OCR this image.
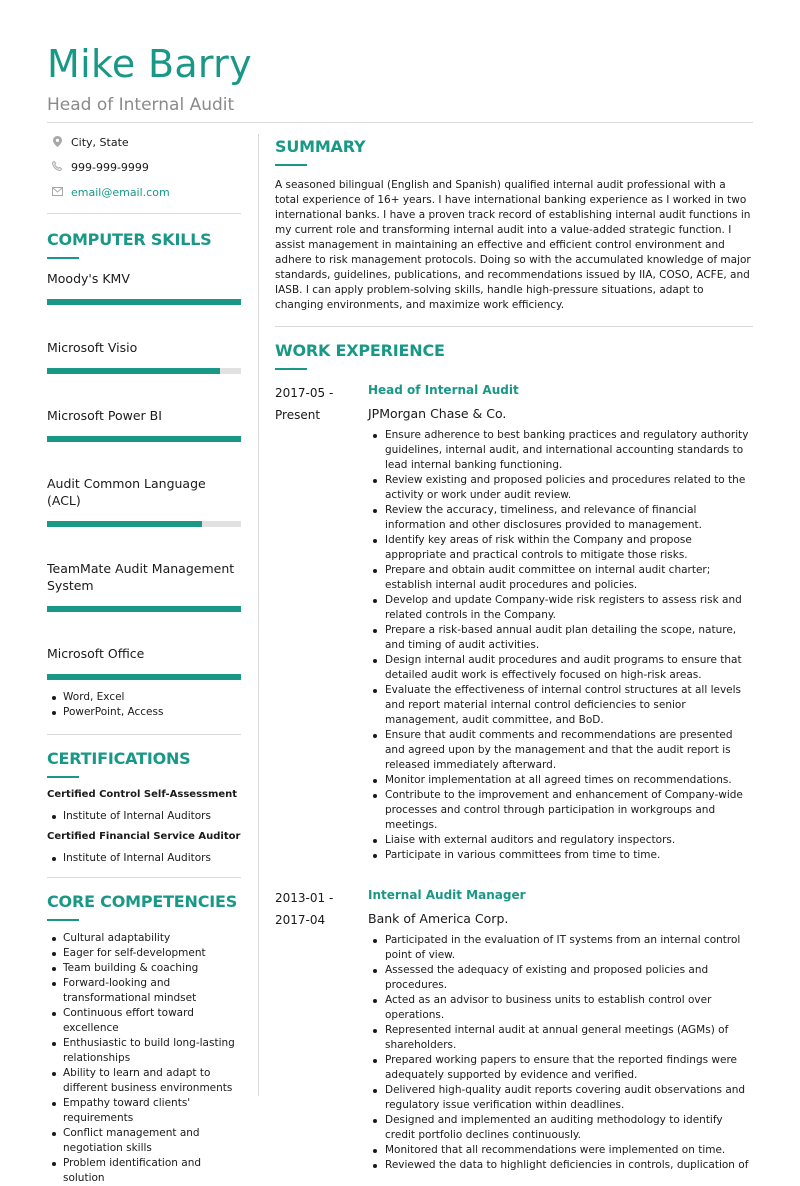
Mike Barry
Head of Internal Audit
City, State
999-999-9999
email@email.com
COMPUTER SKILLS
Moody's KMV
Microsoft Visio
Microsoft Power BI
Audit Common Language (ACL)
TeamMate Audit Management System
Microsoft Office
Word, Excel
PowerPoint, Access
CERTIFICATIONS
Certified Control Self-Assessment
Institute of Internal Auditors
Certified Financial Service Auditor
Institute of Internal Auditors
CORE COMPETENCIES
Cultural adaptability
Eager for self-development
Team building & coaching
Forward-looking and transformational mindset
Continuous effort toward excellence
Enthusiastic to build long-lasting relationships
Ability to learn and adapt to different business environments
Empathy toward clients' requirements
Conflict management and negotiation skills
Problem identification and solution
SUMMARY

A seasoned bilingual (English and Spanish) qualified internal audit professional with a total experience of 16+ years. I have international banking experience as I worked in two international banks. I have a proven track record of establishing internal audit functions in my current role and transforming internal audit into a value-added strategic function. I assist management in maintaining an effective and efficient control environment and adhere to risk management protocols. Doing so with the accumulated knowledge of major standards, guidelines, publications, and recommendations issued by IIA, COSO, ACFE, and IASB. I can apply problem-solving skills, handle high-pressure situations, adapt to changing environments, and maximize work efficiency.

WORK EXPERIENCE
2017-05 - Present
Head of Internal Audit
JPMorgan Chase & Co.
Ensure adherence to best banking practices and regulatory authority guidelines, internal audit, and international accounting standards to lead internal banking functioning.
Review existing and proposed policies and procedures related to the activity or work under audit review.
Review the accuracy, timeliness, and relevance of financial information and other disclosures provided to management.
Identify key areas of risk within the Company and propose appropriate and practical controls to mitigate those risks.
Prepare and obtain audit committee on internal audit charter; establish internal audit procedures and policies.
Develop and update Company-wide risk registers to assess risk and related controls in the Company.
Prepare a risk-based annual audit plan detailing the scope, nature, and timing of audit activities.
Design internal audit procedures and audit programs to ensure that detailed audit work is effectively focused on high-risk areas.
Evaluate the effectiveness of internal control structures at all levels and report material internal control deficiencies to senior management, audit committee, and BoD.
Ensure that audit comments and recommendations are presented and agreed upon by the management and that the audit report is released immediately afterward.
Monitor implementation at all agreed times on recommendations.
Contribute to the improvement and enhancement of Company-wide processes and control through participation in workgroups and meetings.
Liaise with external auditors and regulatory inspectors.
Participate in various committees from time to time.
2013-01 - 2017-04
Internal Audit Manager
Bank of America Corp.
Participated in the evaluation of IT systems from an internal control point of view.
Assessed the adequacy of existing and proposed policies and procedures.
Acted as an advisor to business units to establish control over operations.
Represented internal audit at annual general meetings (AGMs) of shareholders.
Prepared working papers to ensure that the reported findings were adequately supported by evidence and verified.
Delivered high-quality audit reports covering audit observations and regulatory issue verification within deadlines.
Designed and implemented an auditing methodology to identify credit portfolio declines continuously.
Monitored that all recommendations were implemented on time.
Reviewed the data to highlight deficiencies in controls, duplication of
